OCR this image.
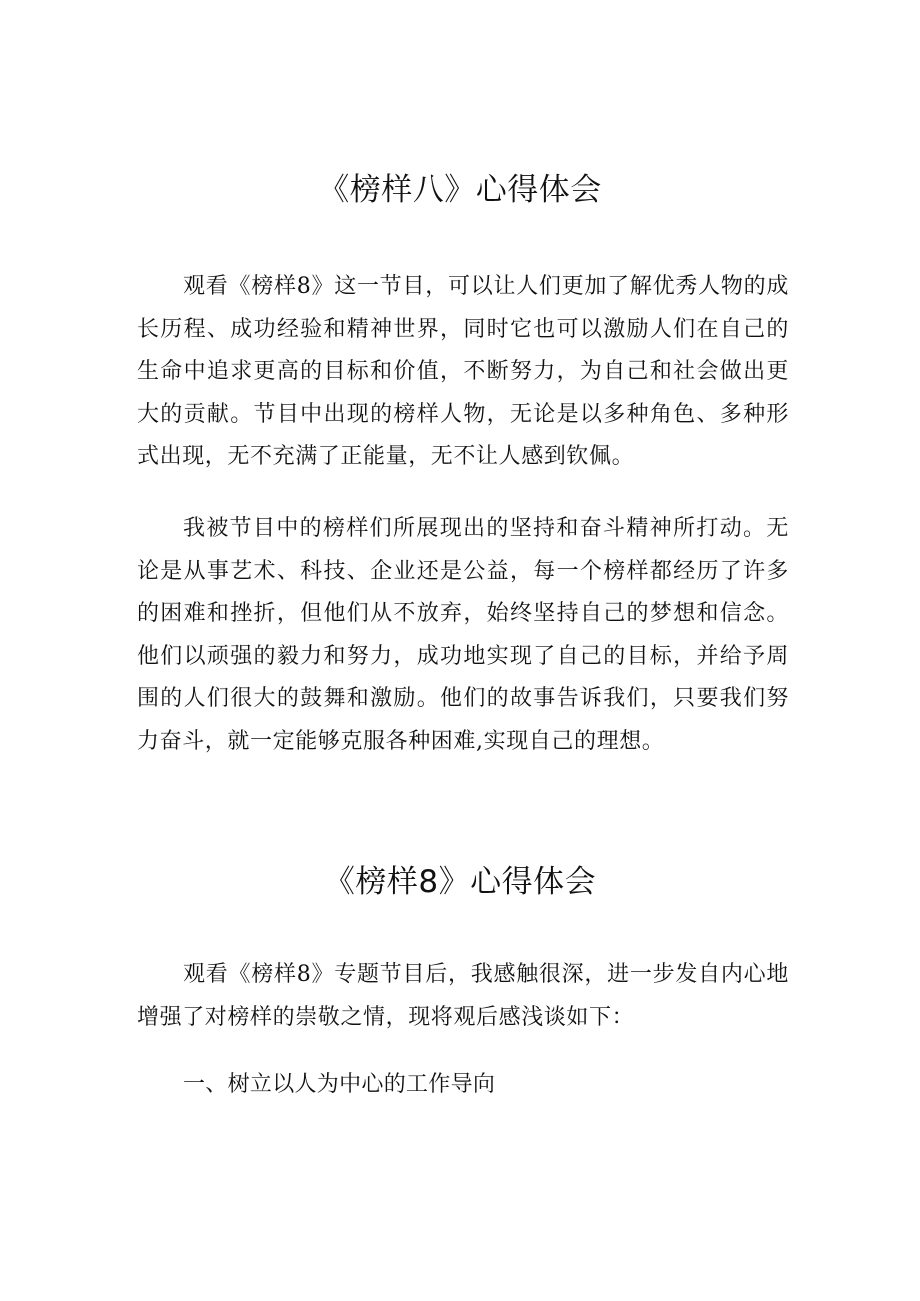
《榜样八》心得体会

观看《榜样8》这一节目，可以让人们更加了解优秀人物的成长历程、成功经验和精神世界，同时它也可以激励人们在自己的生命中追求更高的目标和价值，不断努力，为自己和社会做出更大的贡献。节目中出现的榜样人物，无论是以多种角色、多种形式出现，无不充满了正能量，无不让人感到钦佩。

我被节目中的榜样们所展现出的坚持和奋斗精神所打动。无论是从事艺术、科技、企业还是公益，每一个榜样都经历了许多的困难和挫折，但他们从不放弃，始终坚持自己的梦想和信念。他们以顽强的毅力和努力，成功地实现了自己的目标，并给予周围的人们很大的鼓舞和激励。他们的故事告诉我们，只要我们努力奋斗，就一定能够克服各种困难,实现自己的理想。

《榜样8》心得体会

观看《榜样8》专题节目后，我感触很深，进一步发自内心地增强了对榜样的崇敬之情，现将观后感浅谈如下：

一、树立以人为中心的工作导向
